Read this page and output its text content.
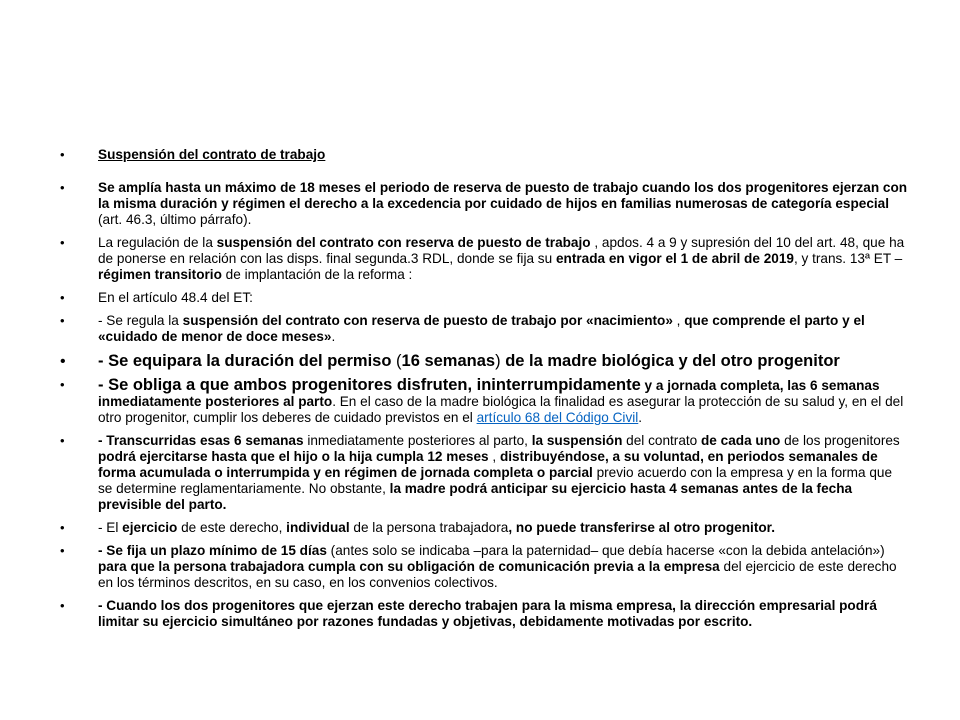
•	Suspensión del contrato de trabajo
•	Se amplía hasta un máximo de 18 meses el periodo de reserva de puesto de trabajo cuando los dos progenitores ejerzan con la misma duración y régimen el derecho a la excedencia por cuidado de hijos en familias numerosas de categoría especial (art. 46.3, último párrafo).
•	La regulación de la suspensión del contrato con reserva de puesto de trabajo , apdos. 4 a 9 y supresión del 10 del art. 48, que ha de ponerse en relación con las disps. final segunda.3 RDL, donde se fija su entrada en vigor el 1 de abril de 2019, y trans. 13ª ET – régimen transitorio de implantación de la reforma :
•	En el artículo 48.4 del ET:
•	- Se regula la suspensión del contrato con reserva de puesto de trabajo por «nacimiento» , que comprende el parto y el «cuidado de menor de doce meses».
• - Se equipara la duración del permiso (16 semanas) de la madre biológica y del otro progenitor
•	- Se obliga a que ambos progenitores disfruten, ininterrumpidamente y a jornada completa, las 6 semanas inmediatamente posteriores al parto. En el caso de la madre biológica la finalidad es asegurar la protección de su salud y, en el del otro progenitor, cumplir los deberes de cuidado previstos en el artículo 68 del Código Civil.
•	- Transcurridas esas 6 semanas inmediatamente posteriores al parto, la suspensión del contrato de cada uno de los progenitores podrá ejercitarse hasta que el hijo o la hija cumpla 12 meses , distribuyéndose, a su voluntad, en periodos semanales de forma acumulada o interrumpida y en régimen de jornada completa o parcial previo acuerdo con la empresa y en la forma que se determine reglamentariamente. No obstante, la madre podrá anticipar su ejercicio hasta 4 semanas antes de la fecha previsible del parto.
•	- El ejercicio de este derecho, individual de la persona trabajadora, no puede transferirse al otro progenitor.
•	- Se fija un plazo mínimo de 15 días (antes solo se indicaba –para la paternidad– que debía hacerse «con la debida antelación») para que la persona trabajadora cumpla con su obligación de comunicación previa a la empresa del ejercicio de este derecho en los términos descritos, en su caso, en los convenios colectivos.
•	- Cuando los dos progenitores que ejerzan este derecho trabajen para la misma empresa, la dirección empresarial podrá limitar su ejercicio simultáneo por razones fundadas y objetivas, debidamente motivadas por escrito.
